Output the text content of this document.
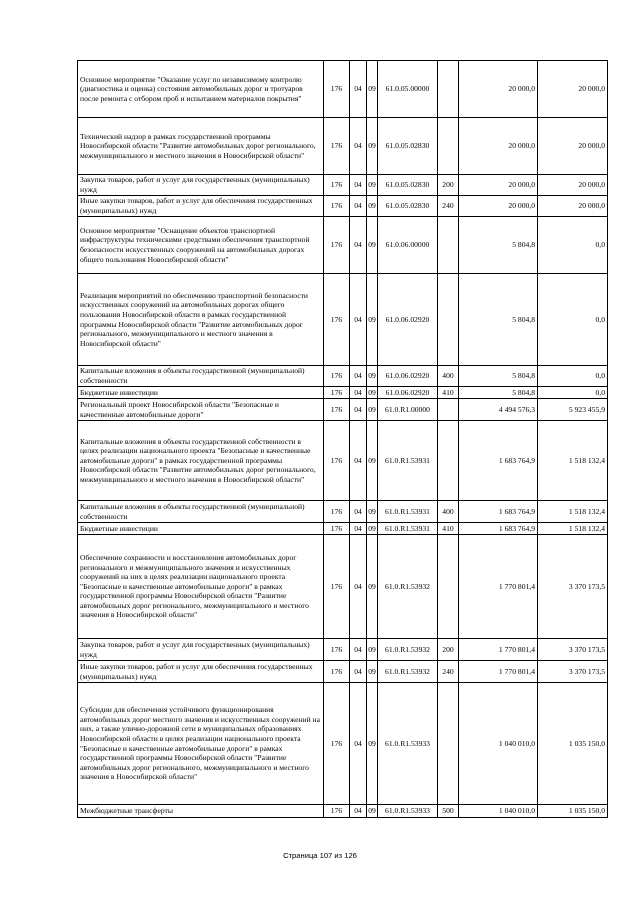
Основное мероприятие "Оказание услуг по независимому контролю (диагностика и оценка) состояния автомобильных дорог и тротуаров после ремонта с отбором проб и испытанием материалов покрытия"	176	04	09	61.0.05.00000		20 000,0	20 000,0
Технический надзор в рамках государственной программы Новосибирской области "Развитие автомобильных дорог регионального, межмуниципального и местного значения в Новосибирской области"	176	04	09	61.0.05.02830		20 000,0	20 000,0
Закупка товаров, работ и услуг для государственных (муниципальных) нужд	176	04	09	61.0.05.02830	200	20 000,0	20 000,0
Иные закупки товаров, работ и услуг для обеспечения государственных (муниципальных) нужд	176	04	09	61.0.05.02830	240	20 000,0	20 000,0
Основное мероприятие "Оснащение объектов транспортной инфраструктуры техническими средствами обеспечения транспортной безопасности искусственных сооружений на автомобильных дорогах общего пользования Новосибирской области"	176	04	09	61.0.06.00000		5 804,8	0,0
Реализация мероприятий по обеспечению транспортной безопасности искусственных сооружений на автомобильных дорогах общего пользования Новосибирской области в рамках государственной программы Новосибирской области "Развитие автомобильных дорог регионального, межмуниципального и местного значения в Новосибирской области"	176	04	09	61.0.06.02920		5 804,8	0,0
Капитальные вложения в объекты государственной (муниципальной) собственности	176	04	09	61.0.06.02920	400	5 804,8	0,0
Бюджетные инвестиции	176	04	09	61.0.06.02920	410	5 804,8	0,0
Региональный проект Новосибирской области "Безопасные и качественные автомобильные дороги"	176	04	09	61.0.R1.00000		4 494 576,3	5 923 455,9
Капитальные вложения в объекты государственной собственности в целях реализации национального проекта "Безопасные и качественные автомобильные дороги" в рамках государственной программы Новосибирской области "Развитие автомобильных дорог регионального, межмуниципального и местного значения в Новосибирской области"	176	04	09	61.0.R1.53931		1 683 764,9	1 518 132,4
Капитальные вложения в объекты государственной (муниципальной) собственности	176	04	09	61.0.R1.53931	400	1 683 764,9	1 518 132,4
Бюджетные инвестиции	176	04	09	61.0.R1.53931	410	1 683 764,9	1 518 132,4
Обеспечение сохранности и восстановления автомобильных дорог регионального и межмуниципального значения и искусственных сооружений на них в целях реализации национального проекта "Безопасные и качественные автомобильные дороги" в рамках государственной программы Новосибирской области "Развитие автомобильных дорог регионального, межмуниципального и местного значения в Новосибирской области"	176	04	09	61.0.R1.53932		1 770 801,4	3 370 173,5
Закупка товаров, работ и услуг для государственных (муниципальных) нужд	176	04	09	61.0.R1.53932	200	1 770 801,4	3 370 173,5
Иные закупки товаров, работ и услуг для обеспечения государственных (муниципальных) нужд	176	04	09	61.0.R1.53932	240	1 770 801,4	3 370 173,5
Субсидии для обеспечения устойчивого функционирования автомобильных дорог местного значения и искусственных сооружений на них, а также улично-дорожной сети в муниципальных образованиях Новосибирской области в целях реализации национального проекта "Безопасные и качественные автомобильные дороги" в рамках государственной программы Новосибирской области "Развитие автомобильных дорог регионального, межмуниципального и местного значения в Новосибирской области"	176	04	09	61.0.R1.53933		1 040 010,0	1 035 150,0
Межбюджетные трансферты	176	04	09	61.0.R1.53933	500	1 040 010,0	1 035 150,0
Страница 107 из 126
